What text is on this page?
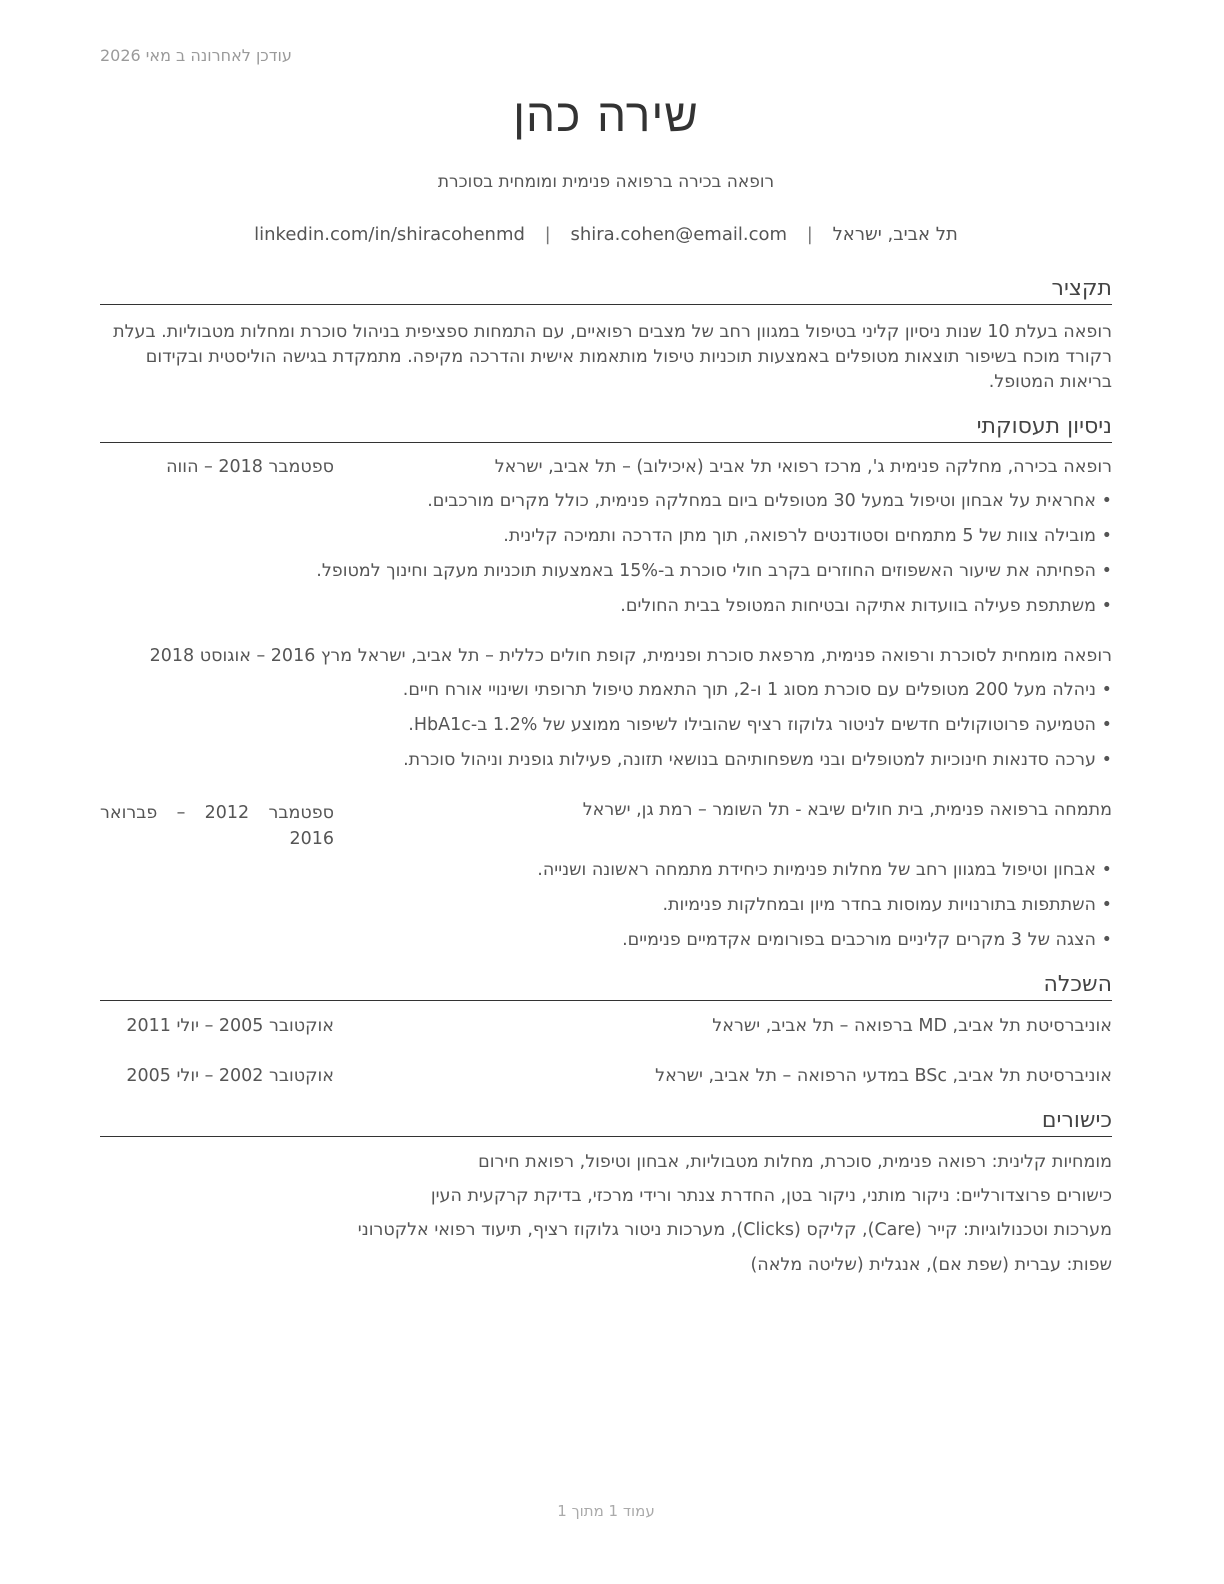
עודכן לאחרונה ב מאי 2026
שירה כהן
רופאה בכירה ברפואה פנימית ומומחית בסוכרת
תל אביב, ישראל | shira.cohen@email.com | linkedin.com/in/shiracohenmd
תקציר
רופאה בעלת 10 שנות ניסיון קליני בטיפול במגוון רחב של מצבים רפואיים, עם התמחות ספציפית בניהול סוכרת ומחלות מטבוליות. בעלת רקורד מוכח בשיפור תוצאות מטופלים באמצעות תוכניות טיפול מותאמות אישית והדרכה מקיפה. מתמקדת בגישה הוליסטית ובקידום בריאות המטופל.
ניסיון תעסוקתי
רופאה בכירה, מחלקה פנימית ג', מרכז רפואי תל אביב (איכילוב) – תל אביב, ישראל
ספטמבר 2018 – הווה
• אחראית על אבחון וטיפול במעל 30 מטופלים ביום במחלקה פנימית, כולל מקרים מורכבים.
• מובילה צוות של 5 מתמחים וסטודנטים לרפואה, תוך מתן הדרכה ותמיכה קלינית.
• הפחיתה את שיעור האשפוזים החוזרים בקרב חולי סוכרת ב-15% באמצעות תוכניות מעקב וחינוך למטופל.
• משתתפת פעילה בוועדות אתיקה ובטיחות המטופל בבית החולים.
רופאה מומחית לסוכרת ורפואה פנימית, מרפאת סוכרת ופנימית, קופת חולים כללית – תל אביב, ישראל מרץ 2016 – אוגוסט 2018
• ניהלה מעל 200 מטופלים עם סוכרת מסוג 1 ו-2, תוך התאמת טיפול תרופתי ושינויי אורח חיים.
• הטמיעה פרוטוקולים חדשים לניטור גלוקוז רציף שהובילו לשיפור ממוצע של 1.2% ב-HbA1c.
• ערכה סדנאות חינוכיות למטופלים ובני משפחותיהם בנושאי תזונה, פעילות גופנית וניהול סוכרת.
מתמחה ברפואה פנימית, בית חולים שיבא - תל השומר – רמת גן, ישראל
ספטמבר 2012 – פברואר
2016
• אבחון וטיפול במגוון רחב של מחלות פנימיות כיחידת מתמחה ראשונה ושנייה.
• השתתפות בתורנויות עמוסות בחדר מיון ובמחלקות פנימיות.
• הצגה של 3 מקרים קליניים מורכבים בפורומים אקדמיים פנימיים.
השכלה
אוניברסיטת תל אביב, MD ברפואה – תל אביב, ישראל
אוקטובר 2005 – יולי 2011
אוניברסיטת תל אביב, BSc במדעי הרפואה – תל אביב, ישראל
אוקטובר 2002 – יולי 2005
כישורים
מומחיות קלינית: רפואה פנימית, סוכרת, מחלות מטבוליות, אבחון וטיפול, רפואת חירום
כישורים פרוצדורליים: ניקור מותני, ניקור בטן, החדרת צנתר ורידי מרכזי, בדיקת קרקעית העין
מערכות וטכנולוגיות: קייר (Care), קליקס (Clicks), מערכות ניטור גלוקוז רציף, תיעוד רפואי אלקטרוני
שפות: עברית (שפת אם), אנגלית (שליטה מלאה)
עמוד 1 מתוך 1
